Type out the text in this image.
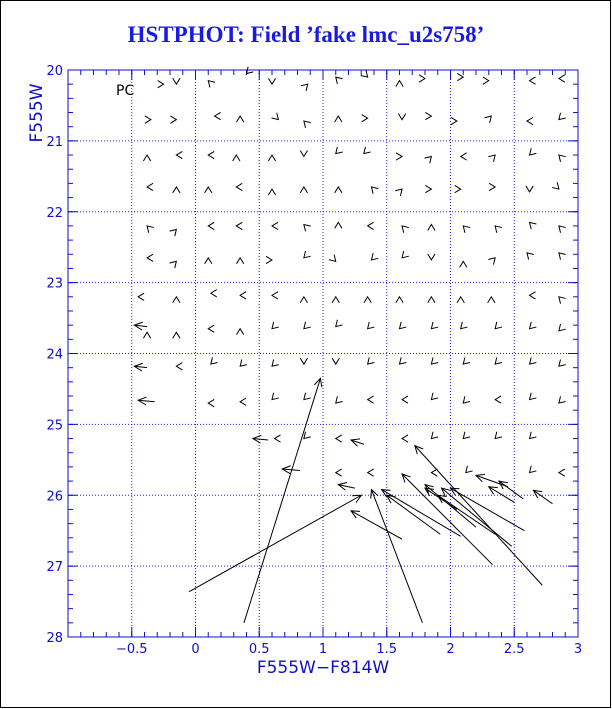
HSTPHOT: Field ’fake lmc_u2s758’
−0.5	0	0.5	1	1.5	2	2.5	3
20
21
22
23
24
25
26
27
28
PC
F555W−F814W
F555W
